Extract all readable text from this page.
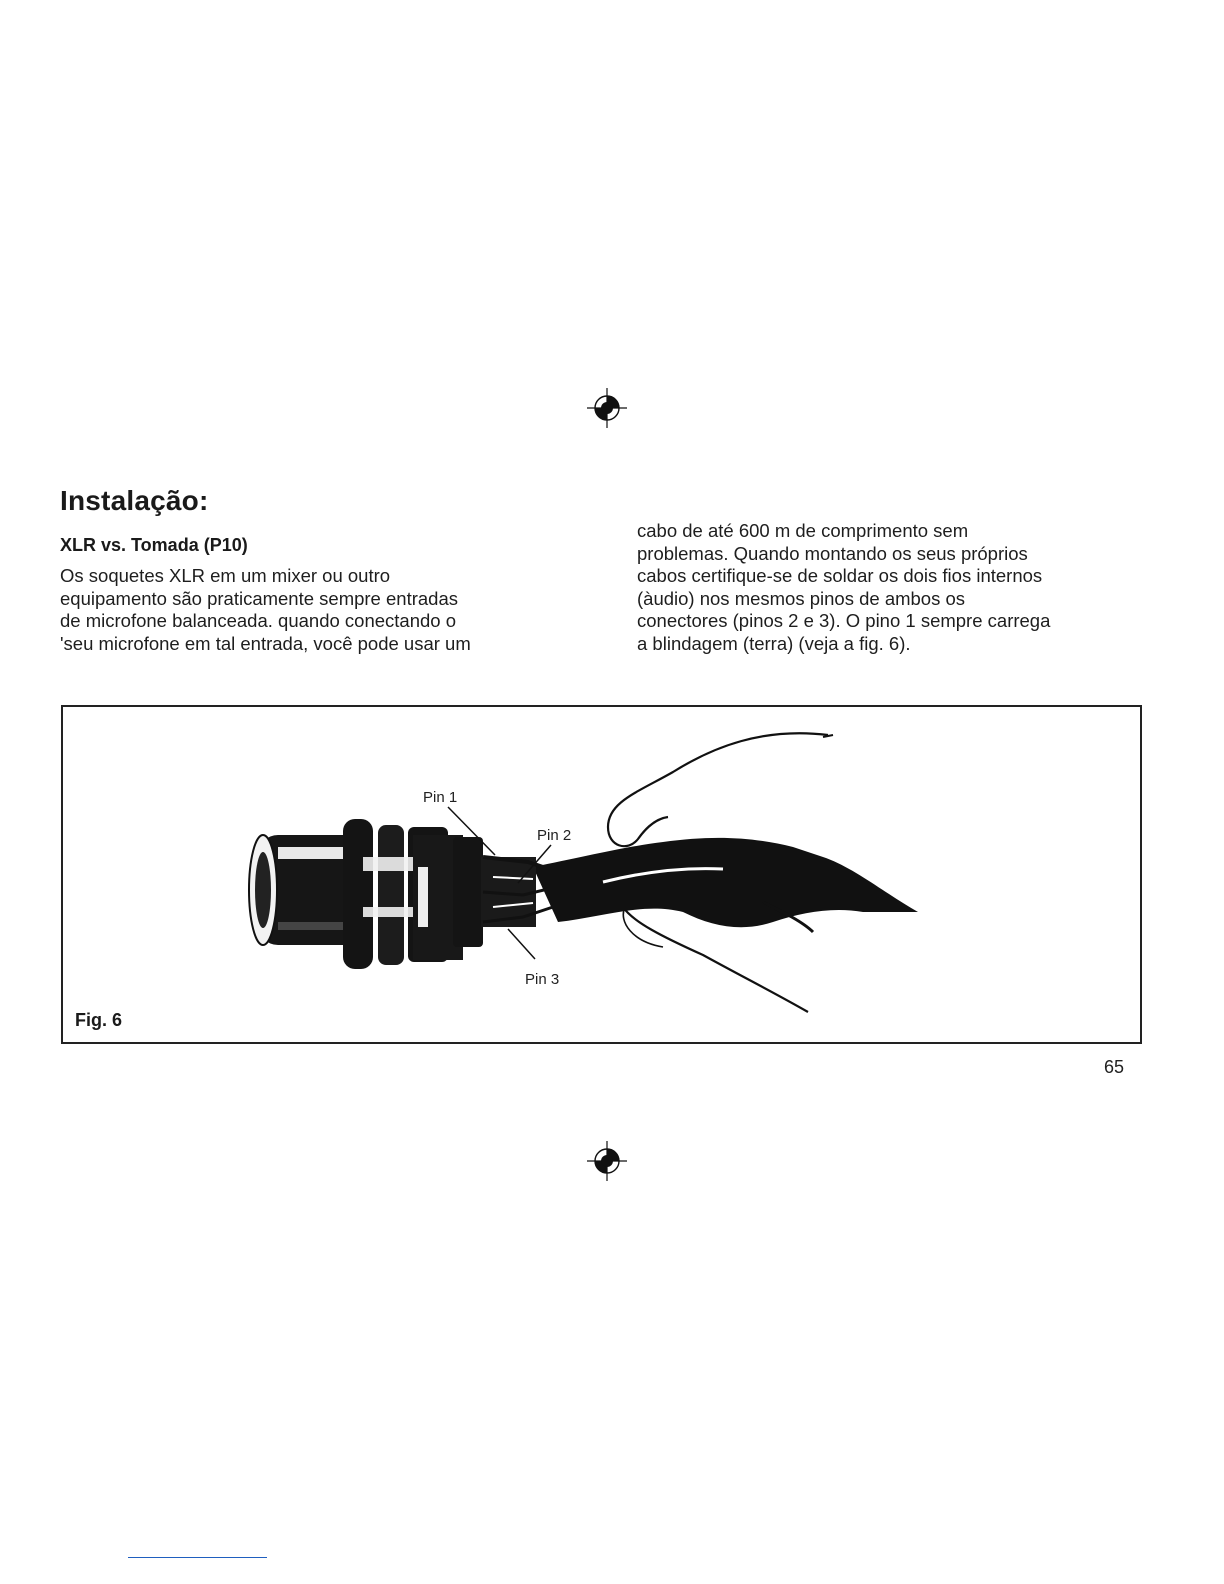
Instalação:
XLR vs. Tomada (P10)

Os soquetes XLR em um mixer ou outro
equipamento são praticamente sempre entradas
de microfone balanceada. quando conectando o
'seu microfone em tal entrada, você pode usar um

cabo de até 600 m de comprimento sem
problemas. Quando montando os seus próprios
cabos certifique-se de soldar os dois fios internos
(àudio) nos mesmos pinos de ambos os
conectores (pinos 2 e 3). O pino 1 sempre carrega
a blindagem (terra) (veja a fig. 6).

Pin 1
Pin 2
Pin 3
Fig. 6
65
